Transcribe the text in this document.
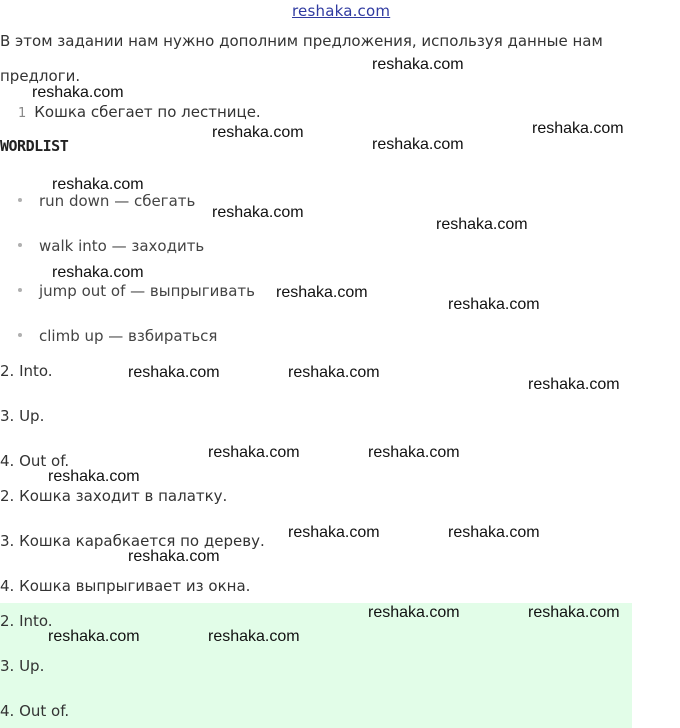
reshaka.com

В этом задании нам нужно дополним предложения, используя данные нам

предлоги.

1 Кошка сбегает по лестнице.
WORDLIST
run down — сбегать
walk into — заходить
jump out of — выпрыгивать
climb up — взбираться

2. Into.

3. Up.

4. Out of.

2. Кошка заходит в палатку.

3. Кошка карабкается по дереву.

4. Кошка выпрыгивает из окна.

2. Into.

3. Up.

4. Out of.

reshaka.com
reshaka.com
reshaka.com	reshaka.com
reshaka.com
reshaka.com
reshaka.com
reshaka.com
reshaka.com
reshaka.com
reshaka.com
reshaka.com	reshaka.com
reshaka.com
reshaka.com	reshaka.com
reshaka.com
reshaka.com	reshaka.com
reshaka.com
reshaka.com	reshaka.com
reshaka.com	reshaka.com
